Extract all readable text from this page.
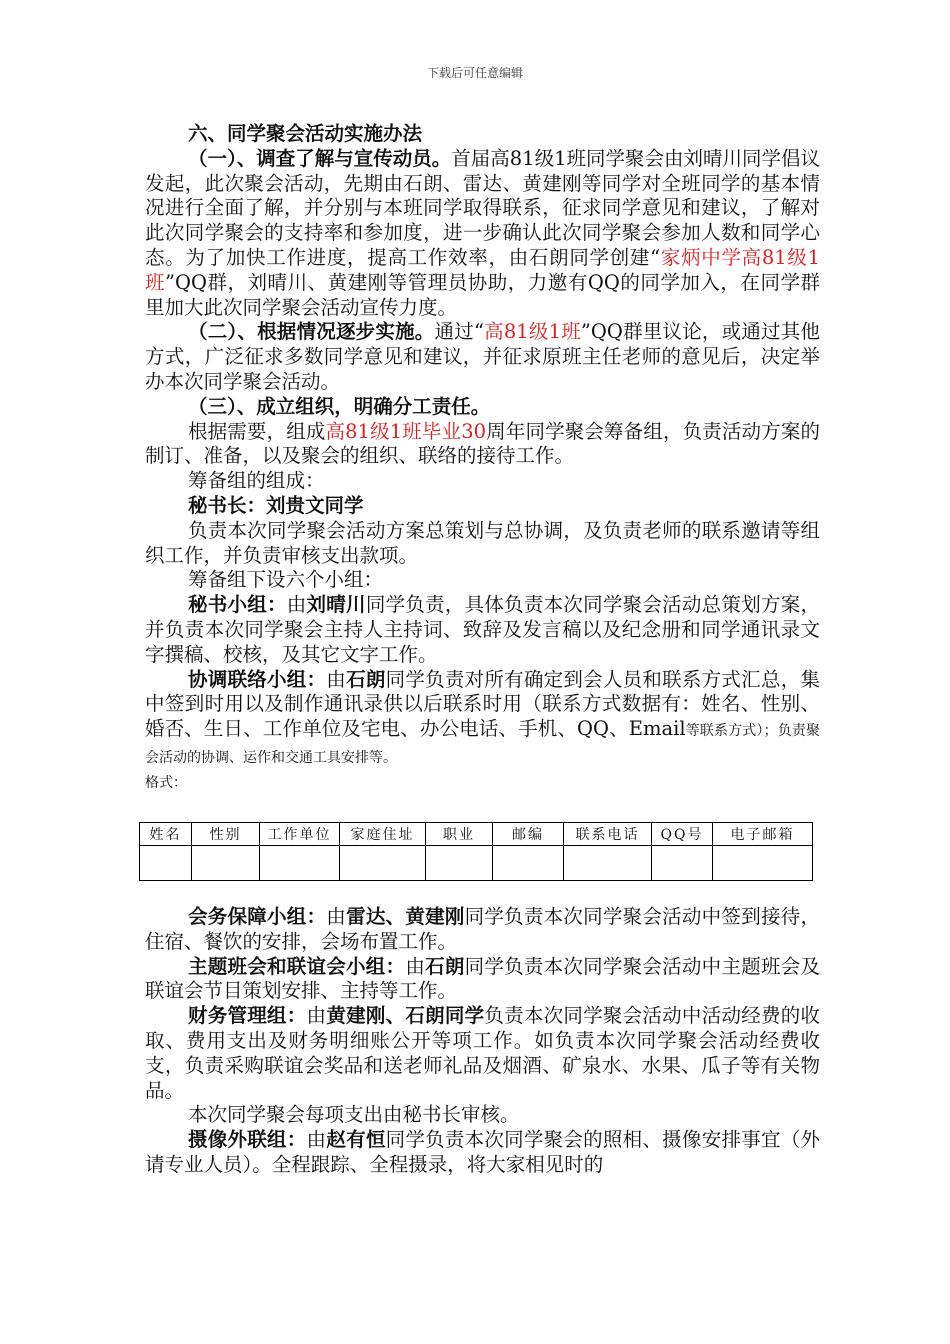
下载后可任意编辑

六、同学聚会活动实施办法

（一）、调查了解与宣传动员。首届高81级1班同学聚会由刘晴川同学倡议发起，此次聚会活动，先期由石朗、雷达、黄建刚等同学对全班同学的基本情况进行全面了解，并分别与本班同学取得联系，征求同学意见和建议，了解对此次同学聚会的支持率和参加度，进一步确认此次同学聚会参加人数和同学心态。为了加快工作进度，提高工作效率，由石朗同学创建“家炳中学高81级1班”QQ群，刘晴川、黄建刚等管理员协助，力邀有QQ的同学加入，在同学群里加大此次同学聚会活动宣传力度。

（二）、根据情况逐步实施。通过“高81级1班”QQ群里议论，或通过其他方式，广泛征求多数同学意见和建议，并征求原班主任老师的意见后，决定举办本次同学聚会活动。

（三）、成立组织，明确分工责任。

根据需要，组成高81级1班毕业30周年同学聚会筹备组，负责活动方案的制订、准备，以及聚会的组织、联络的接待工作。

筹备组的组成：

秘书长：刘贵文同学

负责本次同学聚会活动方案总策划与总协调，及负责老师的联系邀请等组织工作，并负责审核支出款项。

筹备组下设六个小组：

秘书小组：由刘晴川同学负责，具体负责本次同学聚会活动总策划方案，并负责本次同学聚会主持人主持词、致辞及发言稿以及纪念册和同学通讯录文字撰稿、校核，及其它文字工作。

协调联络小组：由石朗同学负责对所有确定到会人员和联系方式汇总，集中签到时用以及制作通讯录供以后联系时用（联系方式数据有：姓名、性别、婚否、生日、工作单位及宅电、办公电话、手机、QQ、Email等联系方式）；负责聚会活动的协调、运作和交通工具安排等。

格式：

姓名	性别	工作单位	家庭住址	职业	邮编	联系电话	QQ号	电子邮箱

会务保障小组：由雷达、黄建刚同学负责本次同学聚会活动中签到接待，住宿、餐饮的安排，会场布置工作。

主题班会和联谊会小组：由石朗同学负责本次同学聚会活动中主题班会及联谊会节目策划安排、主持等工作。

财务管理组：由黄建刚、石朗同学负责本次同学聚会活动中活动经费的收取、费用支出及财务明细账公开等项工作。如负责本次同学聚会活动经费收支，负责采购联谊会奖品和送老师礼品及烟酒、矿泉水、水果、瓜子等有关物品。

本次同学聚会每项支出由秘书长审核。

摄像外联组：由赵有恒同学负责本次同学聚会的照相、摄像安排事宜（外请专业人员）。全程跟踪、全程摄录，将大家相见时的
